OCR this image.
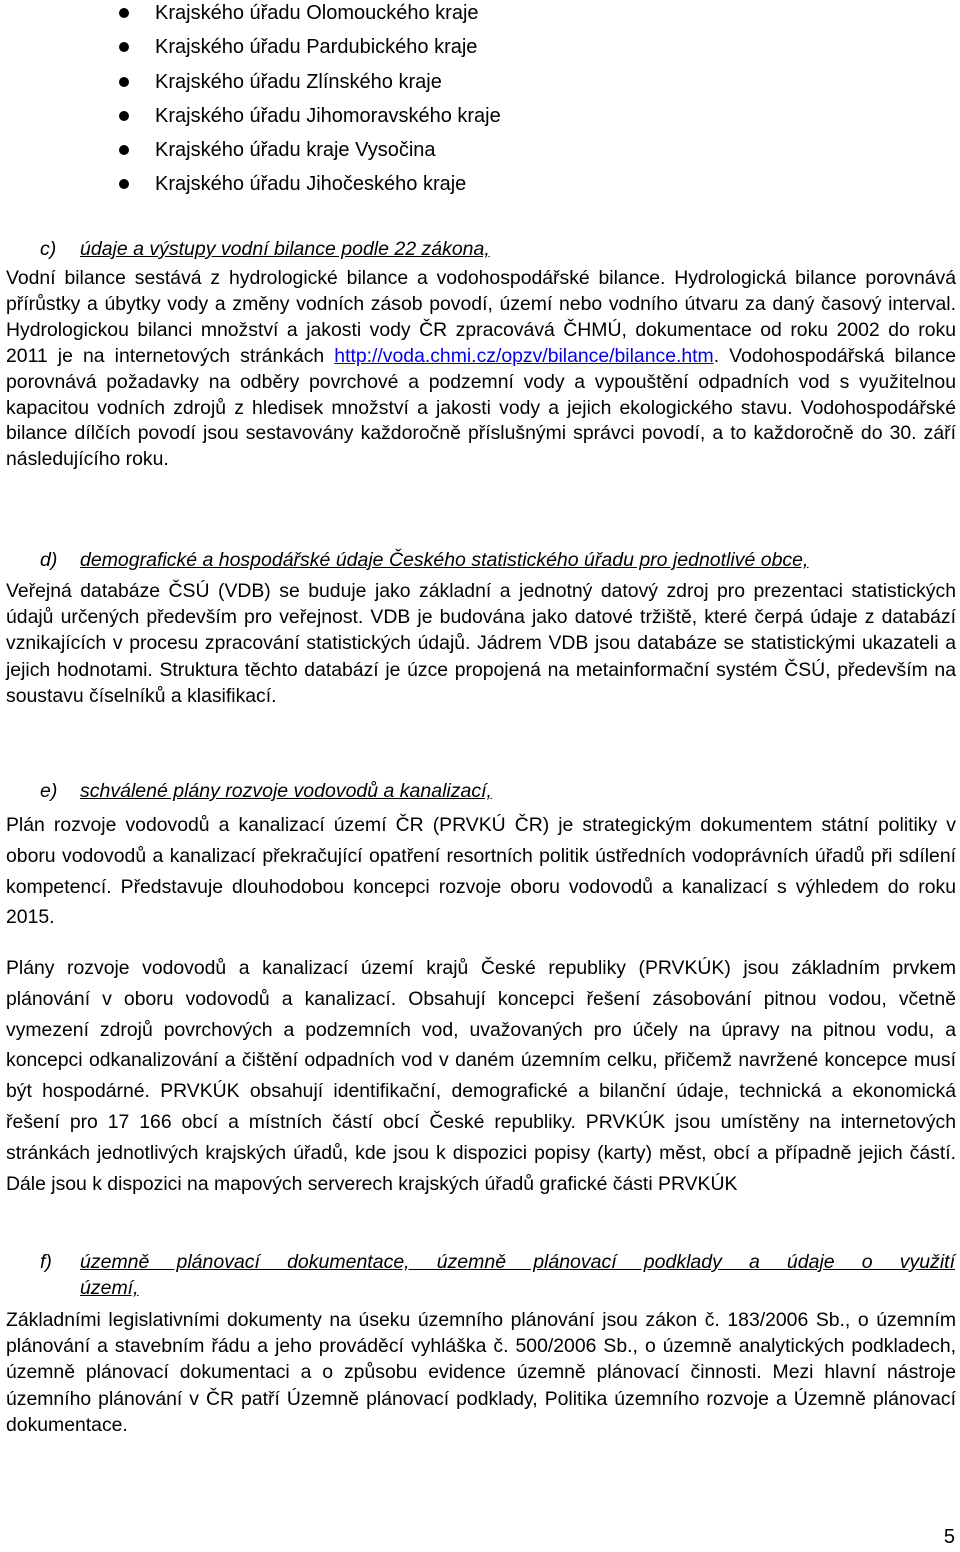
Krajského úřadu Olomouckého kraje
Krajského úřadu Pardubického kraje
Krajského úřadu Zlínského kraje
Krajského úřadu Jihomoravského kraje
Krajského úřadu kraje Vysočina
Krajského úřadu Jihočeského kraje
c) údaje a výstupy vodní bilance podle 22 zákona,

Vodní bilance sestává z hydrologické bilance a vodohospodářské bilance. Hydrologická bilance porovnává přírůstky a úbytky vody a změny vodních zásob povodí, území nebo vodního útvaru za daný časový interval. Hydrologickou bilanci množství a jakosti vody ČR zpracovává ČHMÚ, dokumentace od roku 2002 do roku 2011 je na internetových stránkách http://voda.chmi.cz/opzv/bilance/bilance.htm. Vodohospodářská bilance porovnává požadavky na odběry povrchové a podzemní vody a vypouštění odpadních vod s využitelnou kapacitou vodních zdrojů z hledisek množství a jakosti vody a jejich ekologického stavu. Vodohospodářské bilance dílčích povodí jsou sestavovány každoročně příslušnými správci povodí, a to každoročně do 30. září následujícího roku.

d) demografické a hospodářské údaje Českého statistického úřadu pro jednotlivé obce,

Veřejná databáze ČSÚ (VDB) se buduje jako základní a jednotný datový zdroj pro prezentaci statistických údajů určených především pro veřejnost. VDB je budována jako datové tržiště, které čerpá údaje z databází vznikajících v procesu zpracování statistických údajů. Jádrem VDB jsou databáze se statistickými ukazateli a jejich hodnotami. Struktura těchto databází je úzce propojená na metainformační systém ČSÚ, především na soustavu číselníků a klasifikací.

e) schválené plány rozvoje vodovodů a kanalizací,

Plán rozvoje vodovodů a kanalizací území ČR (PRVKÚ ČR) je strategickým dokumentem státní politiky v oboru vodovodů a kanalizací překračující opatření resortních politik ústředních vodoprávních úřadů při sdílení kompetencí. Představuje dlouhodobou koncepci rozvoje oboru vodovodů a kanalizací s výhledem do roku 2015.

Plány rozvoje vodovodů a kanalizací území krajů České republiky (PRVKÚK) jsou základním prvkem plánování v oboru vodovodů a kanalizací. Obsahují koncepci řešení zásobování pitnou vodou, včetně vymezení zdrojů povrchových a podzemních vod, uvažovaných pro účely na úpravy na pitnou vodu, a koncepci odkanalizování a čištění odpadních vod v daném územním celku, přičemž navržené koncepce musí být hospodárné. PRVKÚK obsahují identifikační, demografické a bilanční údaje, technická a ekonomická řešení pro 17 166 obcí a místních částí obcí České republiky. PRVKÚK jsou umístěny na internetových stránkách jednotlivých krajských úřadů, kde jsou k dispozici popisy (karty) měst, obcí a případně jejich částí. Dále jsou k dispozici na mapových serverech krajských úřadů grafické části PRVKÚK

f) územně plánovací dokumentace, územně plánovací podklady a údaje o využití
území,

Základními legislativními dokumenty na úseku územního plánování jsou zákon č. 183/2006 Sb., o územním plánování a stavebním řádu a jeho prováděcí vyhláška č. 500/2006 Sb., o územně analytických podkladech, územně plánovací dokumentaci a o způsobu evidence územně plánovací činnosti. Mezi hlavní nástroje územního plánování v ČR patří Územně plánovací podklady, Politika územního rozvoje a Územně plánovací dokumentace.

5
